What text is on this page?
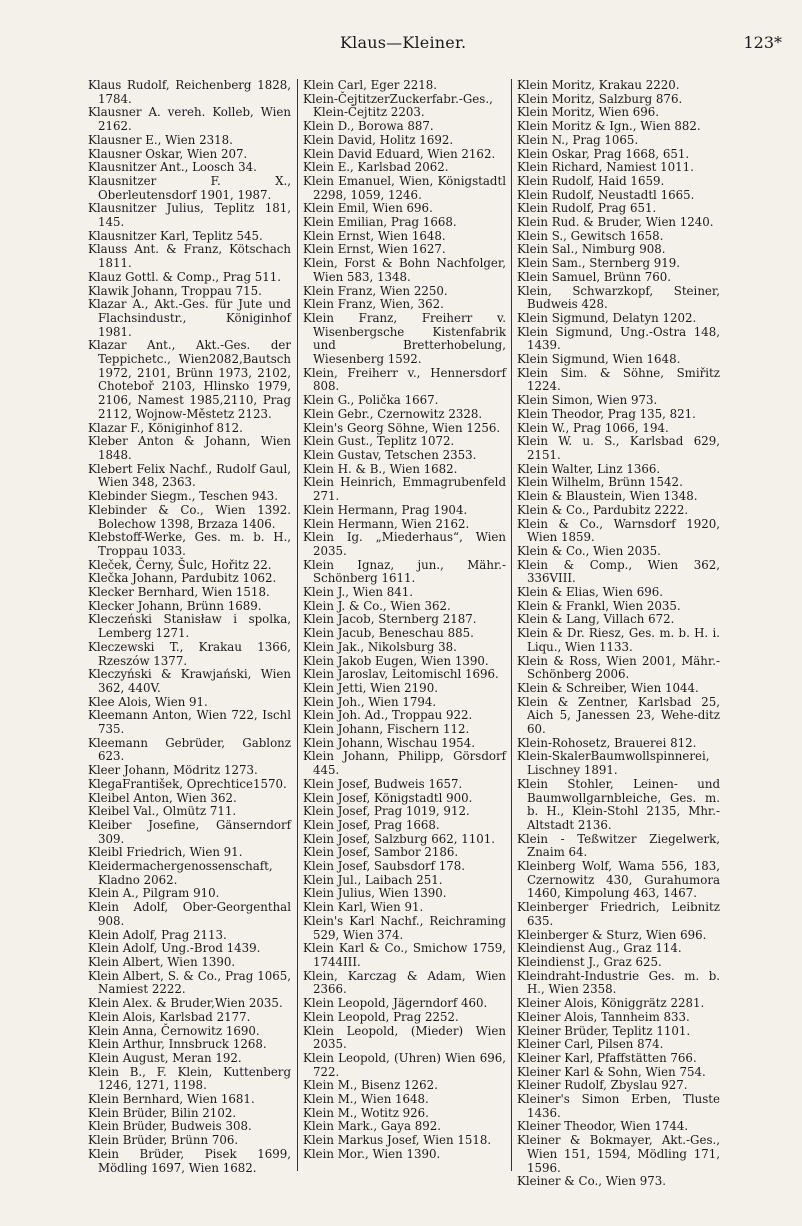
Klaus—Kleiner.	123*

Klaus Rudolf, Reichenberg 1828, 1784.

Klausner A. vereh. Kolleb, Wien 2162.

Klausner E., Wien 2318.

Klausner Oskar, Wien 207.

Klausnitzer Ant., Loosch 34.

Klausnitzer F. X., Oberleutensdorf 1901, 1987.

Klausnitzer Julius, Teplitz 181, 145.

Klausnitzer Karl, Teplitz 545.

Klauss Ant. & Franz, Kötschach 1811.

Klauz Gottl. & Comp., Prag 511.

Klawik Johann, Troppau 715.

Klazar A., Akt.-Ges. für Jute und Flachsindustr., Königinhof 1981.

Klazar Ant., Akt.-Ges. der Teppichetc., Wien2082,Bautsch 1972, 2101, Brünn 1973, 2102, Choteboř 2103, Hlinsko 1979, 2106, Namest 1985,2110, Prag 2112, Wojnow-Městetz 2123.

Klazar F., Königinhof 812.

Kleber Anton & Johann, Wien 1848.

Klebert Felix Nachf., Rudolf Gaul, Wien 348, 2363.

Klebinder Siegm., Teschen 943.

Klebinder & Co., Wien 1392. Bolechow 1398, Brzaza 1406.

Klebstoff-Werke, Ges. m. b. H., Troppau 1033.

Kleček, Černy, Šulc, Hořitz 22.

Klečka Johann, Pardubitz 1062.

Klecker Bernhard, Wien 1518.

Klecker Johann, Brünn 1689.

Kleczeński Stanisław i spolka, Lemberg 1271.

Kleczewski T., Krakau 1366, Rzeszów 1377.

Kleczyński & Krawjański, Wien 362, 440V.

Klee Alois, Wien 91.

Kleemann Anton, Wien 722, Ischl 735.

Kleemann Gebrüder, Gablonz 623.

Kleer Johann, Mödritz 1273.

KlegaFrantišek, Oprechtice1570.

Kleibel Anton, Wien 362.

Kleibel Val., Olmütz 711.

Kleiber Josefine, Gänserndorf 309.

Kleibl Friedrich, Wien 91.

Kleidermachergenossenschaft, Kladno 2062.

Klein A., Pilgram 910.

Klein Adolf, Ober-Georgenthal 908.

Klein Adolf, Prag 2113.

Klein Adolf, Ung.-Brod 1439.

Klein Albert, Wien 1390.

Klein Albert, S. & Co., Prag 1065, Namiest 2222.

Klein Alex. & Bruder,Wien 2035.

Klein Alois, Karlsbad 2177.

Klein Anna, Černowitz 1690.

Klein Arthur, Innsbruck 1268.

Klein August, Meran 192.

Klein B., F. Klein, Kuttenberg 1246, 1271, 1198.

Klein Bernhard, Wien 1681.

Klein Brüder, Bilin 2102.

Klein Brüder, Budweis 308.

Klein Brüder, Brünn 706.

Klein Brüder, Pisek 1699, Mödling 1697, Wien 1682.

Klein Carl, Eger 2218.

Klein-ČejtitzerZuckerfabr.-Ges., Klein-Čejtitz 2203.

Klein D., Borowa 887.

Klein David, Holitz 1692.

Klein David Eduard, Wien 2162.

Klein E., Karlsbad 2062.

Klein Emanuel, Wien, Königstadtl 2298, 1059, 1246.

Klein Emil, Wien 696.

Klein Emilian, Prag 1668.

Klein Ernst, Wien 1648.

Klein Ernst, Wien 1627.

Klein, Forst & Bohn Nachfolger, Wien 583, 1348.

Klein Franz, Wien 2250.

Klein Franz, Wien, 362.

Klein Franz, Freiherr v. Wisenbergsche Kistenfabrik und Bretterhobelung, Wiesenberg 1592.

Klein, Freiherr v., Hennersdorf 808.

Klein G., Polička 1667.

Klein Gebr., Czernowitz 2328.

Klein's Georg Söhne, Wien 1256.

Klein Gust., Teplitz 1072.

Klein Gustav, Tetschen 2353.

Klein H. & B., Wien 1682.

Klein Heinrich, Emmagrubenfeld 271.

Klein Hermann, Prag 1904.

Klein Hermann, Wien 2162.

Klein Ig. „Miederhaus“, Wien 2035.

Klein Ignaz, jun., Mähr.-Schönberg 1611.

Klein J., Wien 841.

Klein J. & Co., Wien 362.

Klein Jacob, Sternberg 2187.

Klein Jacub, Beneschau 885.

Klein Jak., Nikolsburg 38.

Klein Jakob Eugen, Wien 1390.

Klein Jaroslav, Leitomischl 1696.

Klein Jetti, Wien 2190.

Klein Joh., Wien 1794.

Klein Joh. Ad., Troppau 922.

Klein Johann, Fischern 112.

Klein Johann, Wischau 1954.

Klein Johann, Philipp, Görsdorf 445.

Klein Josef, Budweis 1657.

Klein Josef, Königstadtl 900.

Klein Josef, Prag 1019, 912.

Klein Josef, Prag 1668.

Klein Josef, Salzburg 662, 1101.

Klein Josef, Sambor 2186.

Klein Josef, Saubsdorf 178.

Klein Jul., Laibach 251.

Klein Julius, Wien 1390.

Klein Karl, Wien 91.

Klein's Karl Nachf., Reichraming 529, Wien 374.

Klein Karl & Co., Smichow 1759, 1744III.

Klein, Karczag & Adam, Wien 2366.

Klein Leopold, Jägerndorf 460.

Klein Leopold, Prag 2252.

Klein Leopold, (Mieder) Wien 2035.

Klein Leopold, (Uhren) Wien 696, 722.

Klein M., Bisenz 1262.

Klein M., Wien 1648.

Klein M., Wotitz 926.

Klein Mark., Gaya 892.

Klein Markus Josef, Wien 1518.

Klein Mor., Wien 1390.

Klein Moritz, Krakau 2220.

Klein Moritz, Salzburg 876.

Klein Moritz, Wien 696.

Klein Moritz & Ign., Wien 882.

Klein N., Prag 1065.

Klein Oskar, Prag 1668, 651.

Klein Richard, Namiest 1011.

Klein Rudolf, Haid 1659.

Klein Rudolf, Neustadtl 1665.

Klein Rudolf, Prag 651.

Klein Rud. & Bruder, Wien 1240.

Klein S., Gewitsch 1658.

Klein Sal., Nimburg 908.

Klein Sam., Sternberg 919.

Klein Samuel, Brünn 760.

Klein, Schwarzkopf, Steiner, Budweis 428.

Klein Sigmund, Delatyn 1202.

Klein Sigmund, Ung.-Ostra 148, 1439.

Klein Sigmund, Wien 1648.

Klein Sim. & Söhne, Smiřitz 1224.

Klein Simon, Wien 973.

Klein Theodor, Prag 135, 821.

Klein W., Prag 1066, 194.

Klein W. u. S., Karlsbad 629, 2151.

Klein Walter, Linz 1366.

Klein Wilhelm, Brünn 1542.

Klein & Blaustein, Wien 1348.

Klein & Co., Pardubitz 2222.

Klein & Co., Warnsdorf 1920, Wien 1859.

Klein & Co., Wien 2035.

Klein & Comp., Wien 362, 336VIII.

Klein & Elias, Wien 696.

Klein & Frankl, Wien 2035.

Klein & Lang, Villach 672.

Klein & Dr. Riesz, Ges. m. b. H. i. Liqu., Wien 1133.

Klein & Ross, Wien 2001, Mähr.-Schönberg 2006.

Klein & Schreiber, Wien 1044.

Klein & Zentner, Karlsbad 25, Aich 5, Janessen 23, Wehe-ditz 60.

Klein-Rohosetz, Brauerei 812.

Klein-SkalerBaumwollspinnerei, Lischney 1891.

Klein Stohler, Leinen- und Baumwollgarnbleiche, Ges. m. b. H., Klein-Stohl 2135, Mhr.-Altstadt 2136.

Klein - Teßwitzer Ziegelwerk, Znaim 64.

Kleinberg Wolf, Wama 556, 183, Czernowitz 430, Gurahumora 1460, Kimpolung 463, 1467.

Kleinberger Friedrich, Leibnitz 635.

Kleinberger & Sturz, Wien 696.

Kleindienst Aug., Graz 114.

Kleindienst J., Graz 625.

Kleindraht-Industrie Ges. m. b. H., Wien 2358.

Kleiner Alois, Königgrätz 2281.

Kleiner Alois, Tannheim 833.

Kleiner Brüder, Teplitz 1101.

Kleiner Carl, Pilsen 874.

Kleiner Karl, Pfaffstätten 766.

Kleiner Karl & Sohn, Wien 754.

Kleiner Rudolf, Zbyslau 927.

Kleiner's Simon Erben, Tluste 1436.

Kleiner Theodor, Wien 1744.

Kleiner & Bokmayer, Akt.-Ges., Wien 151, 1594, Mödling 171, 1596.

Kleiner & Co., Wien 973.
